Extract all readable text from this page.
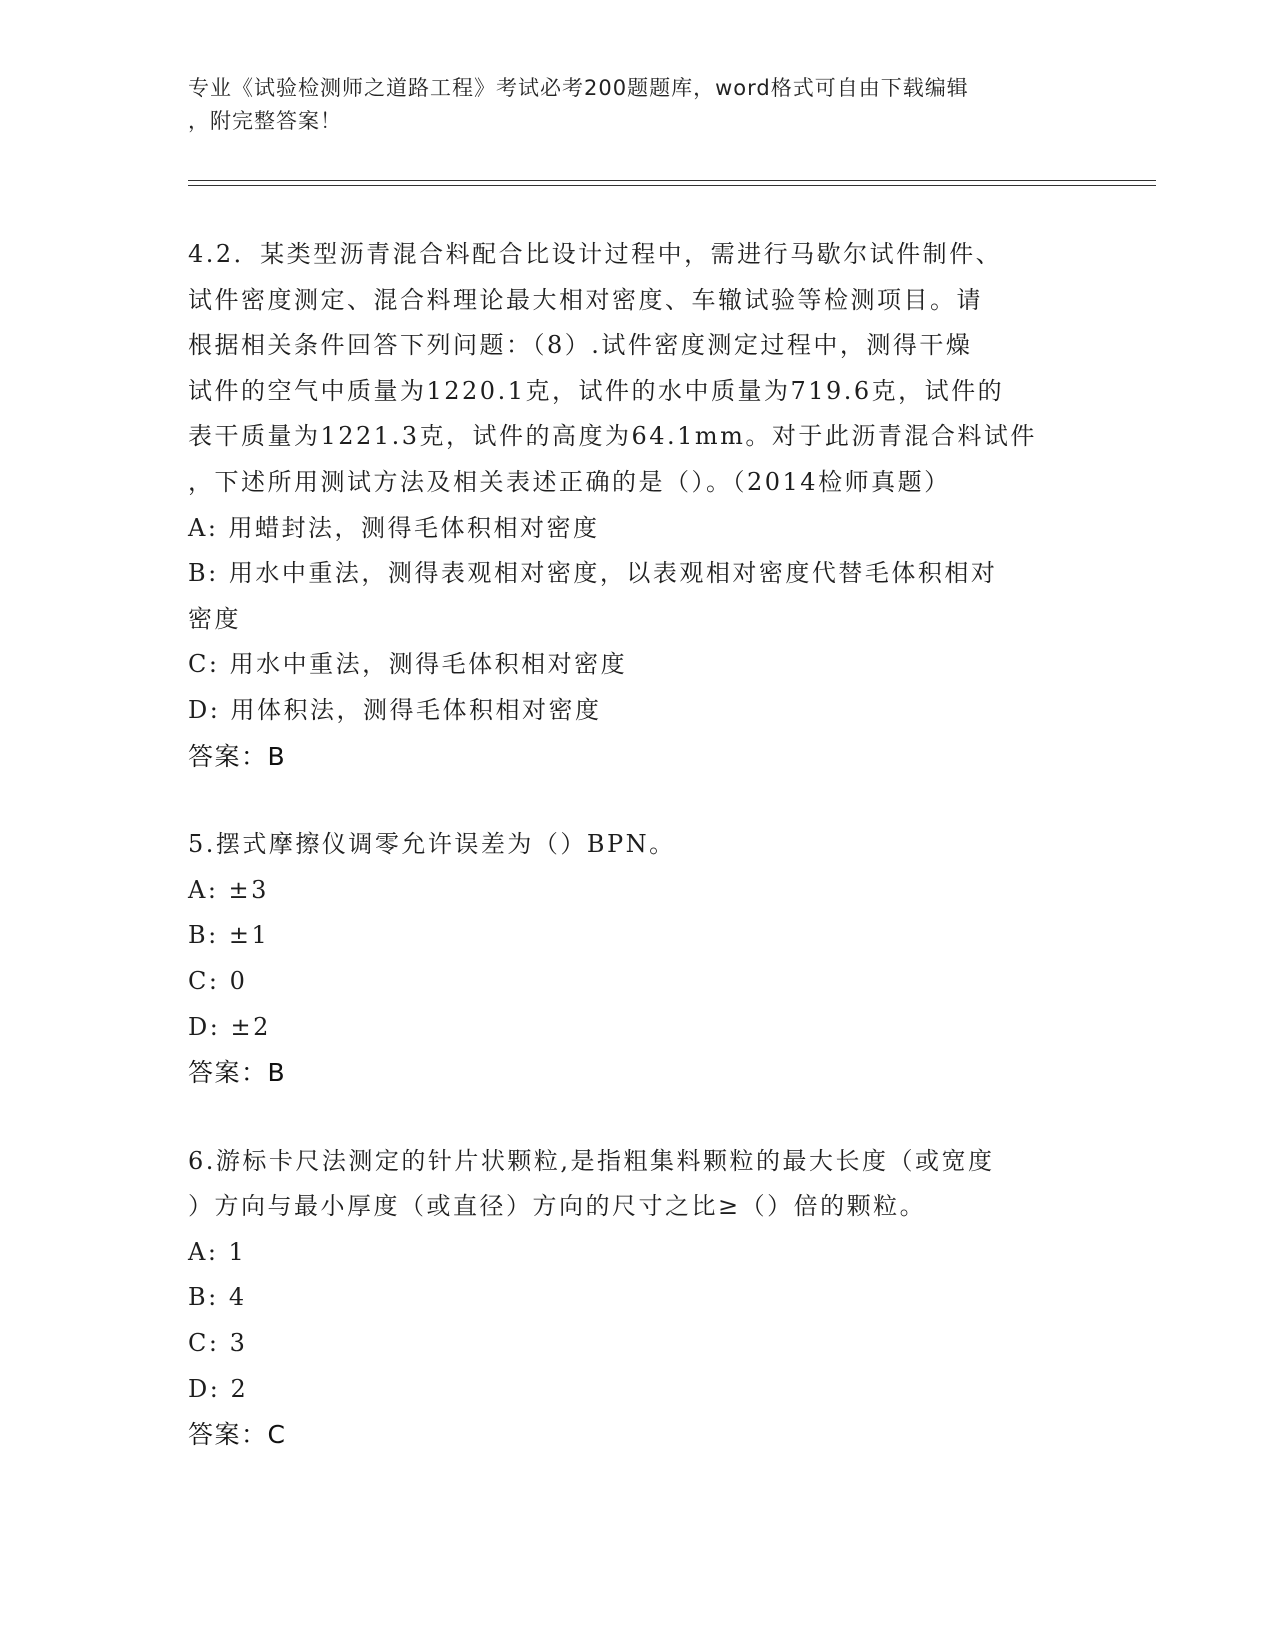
专业《试验检测师之道路工程》考试必考200题题库，word格式可自由下载编辑

，附完整答案！

4.2．某类型沥青混合料配合比设计过程中，需进行马歇尔试件制件、

试件密度测定、混合料理论最大相对密度、车辙试验等检测项目。请

根据相关条件回答下列问题：（8）.试件密度测定过程中，测得干燥

试件的空气中质量为1220.1克，试件的水中质量为719.6克，试件的

表干质量为1221.3克，试件的高度为64.1mm。对于此沥青混合料试件

，下述所用测试方法及相关表述正确的是（）。（2014检师真题）

A: 用蜡封法，测得毛体积相对密度

B: 用水中重法，测得表观相对密度，以表观相对密度代替毛体积相对

密度

C: 用水中重法，测得毛体积相对密度

D: 用体积法，测得毛体积相对密度

答案：B

5.摆式摩擦仪调零允许误差为（）BPN。

A: ±3

B: ±1

C: 0

D: ±2

答案：B

6.游标卡尺法测定的针片状颗粒,是指粗集料颗粒的最大长度（或宽度

）方向与最小厚度（或直径）方向的尺寸之比≥（）倍的颗粒。

A: 1

B: 4

C: 3

D: 2

答案：C
